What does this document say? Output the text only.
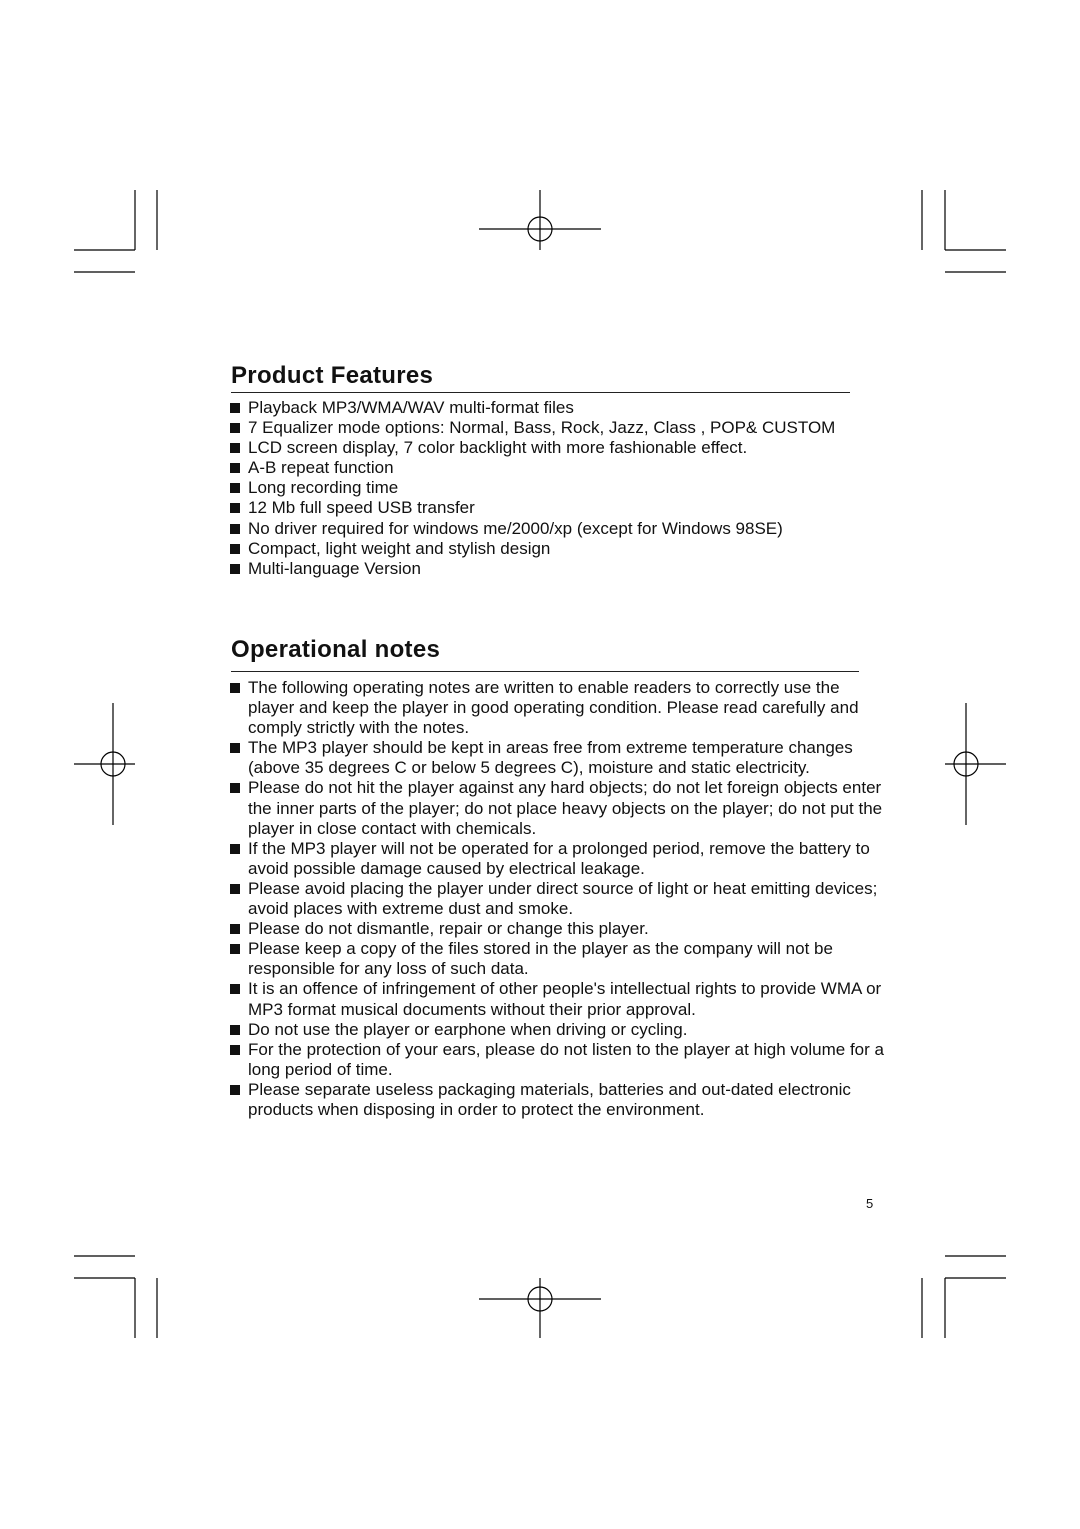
Product Features
Playback MP3/WMA/WAV multi-format files
7 Equalizer mode options: Normal, Bass, Rock, Jazz, Class , POP& CUSTOM
LCD screen display, 7 color backlight with more fashionable effect.
A-B repeat function
Long recording time
12 Mb full speed USB transfer
No driver required for windows me/2000/xp (except for Windows 98SE)
Compact, light weight and stylish design
Multi-language Version
Operational notes
The following operating notes are written to enable readers to correctly use the player and keep the player in good operating condition. Please read carefully and comply strictly with the notes.
The MP3 player should be kept in areas free from extreme temperature changes (above 35 degrees C or below 5 degrees C), moisture and static electricity.
Please do not hit the player against any hard objects; do not let foreign objects enter the inner parts of the player; do not place heavy objects on the player; do not put the player in close contact with chemicals.
If the MP3 player will not be operated for a prolonged period, remove the battery to avoid possible damage caused by electrical leakage.
Please avoid placing the player under direct source of light or heat emitting devices; avoid places with extreme dust and smoke.
Please do not dismantle, repair or change this player.
Please keep a copy of the files stored in the player as the company will not be responsible for any loss of such data.
It is an offence of infringement of other people's intellectual rights to provide WMA or MP3 format musical documents without their prior approval.
Do not use the player or earphone when driving or cycling.
For the protection of your ears, please do not listen to the player at high volume for a long period of time.
Please separate useless packaging materials, batteries and out-dated electronic products when disposing in order to protect the environment.
5
